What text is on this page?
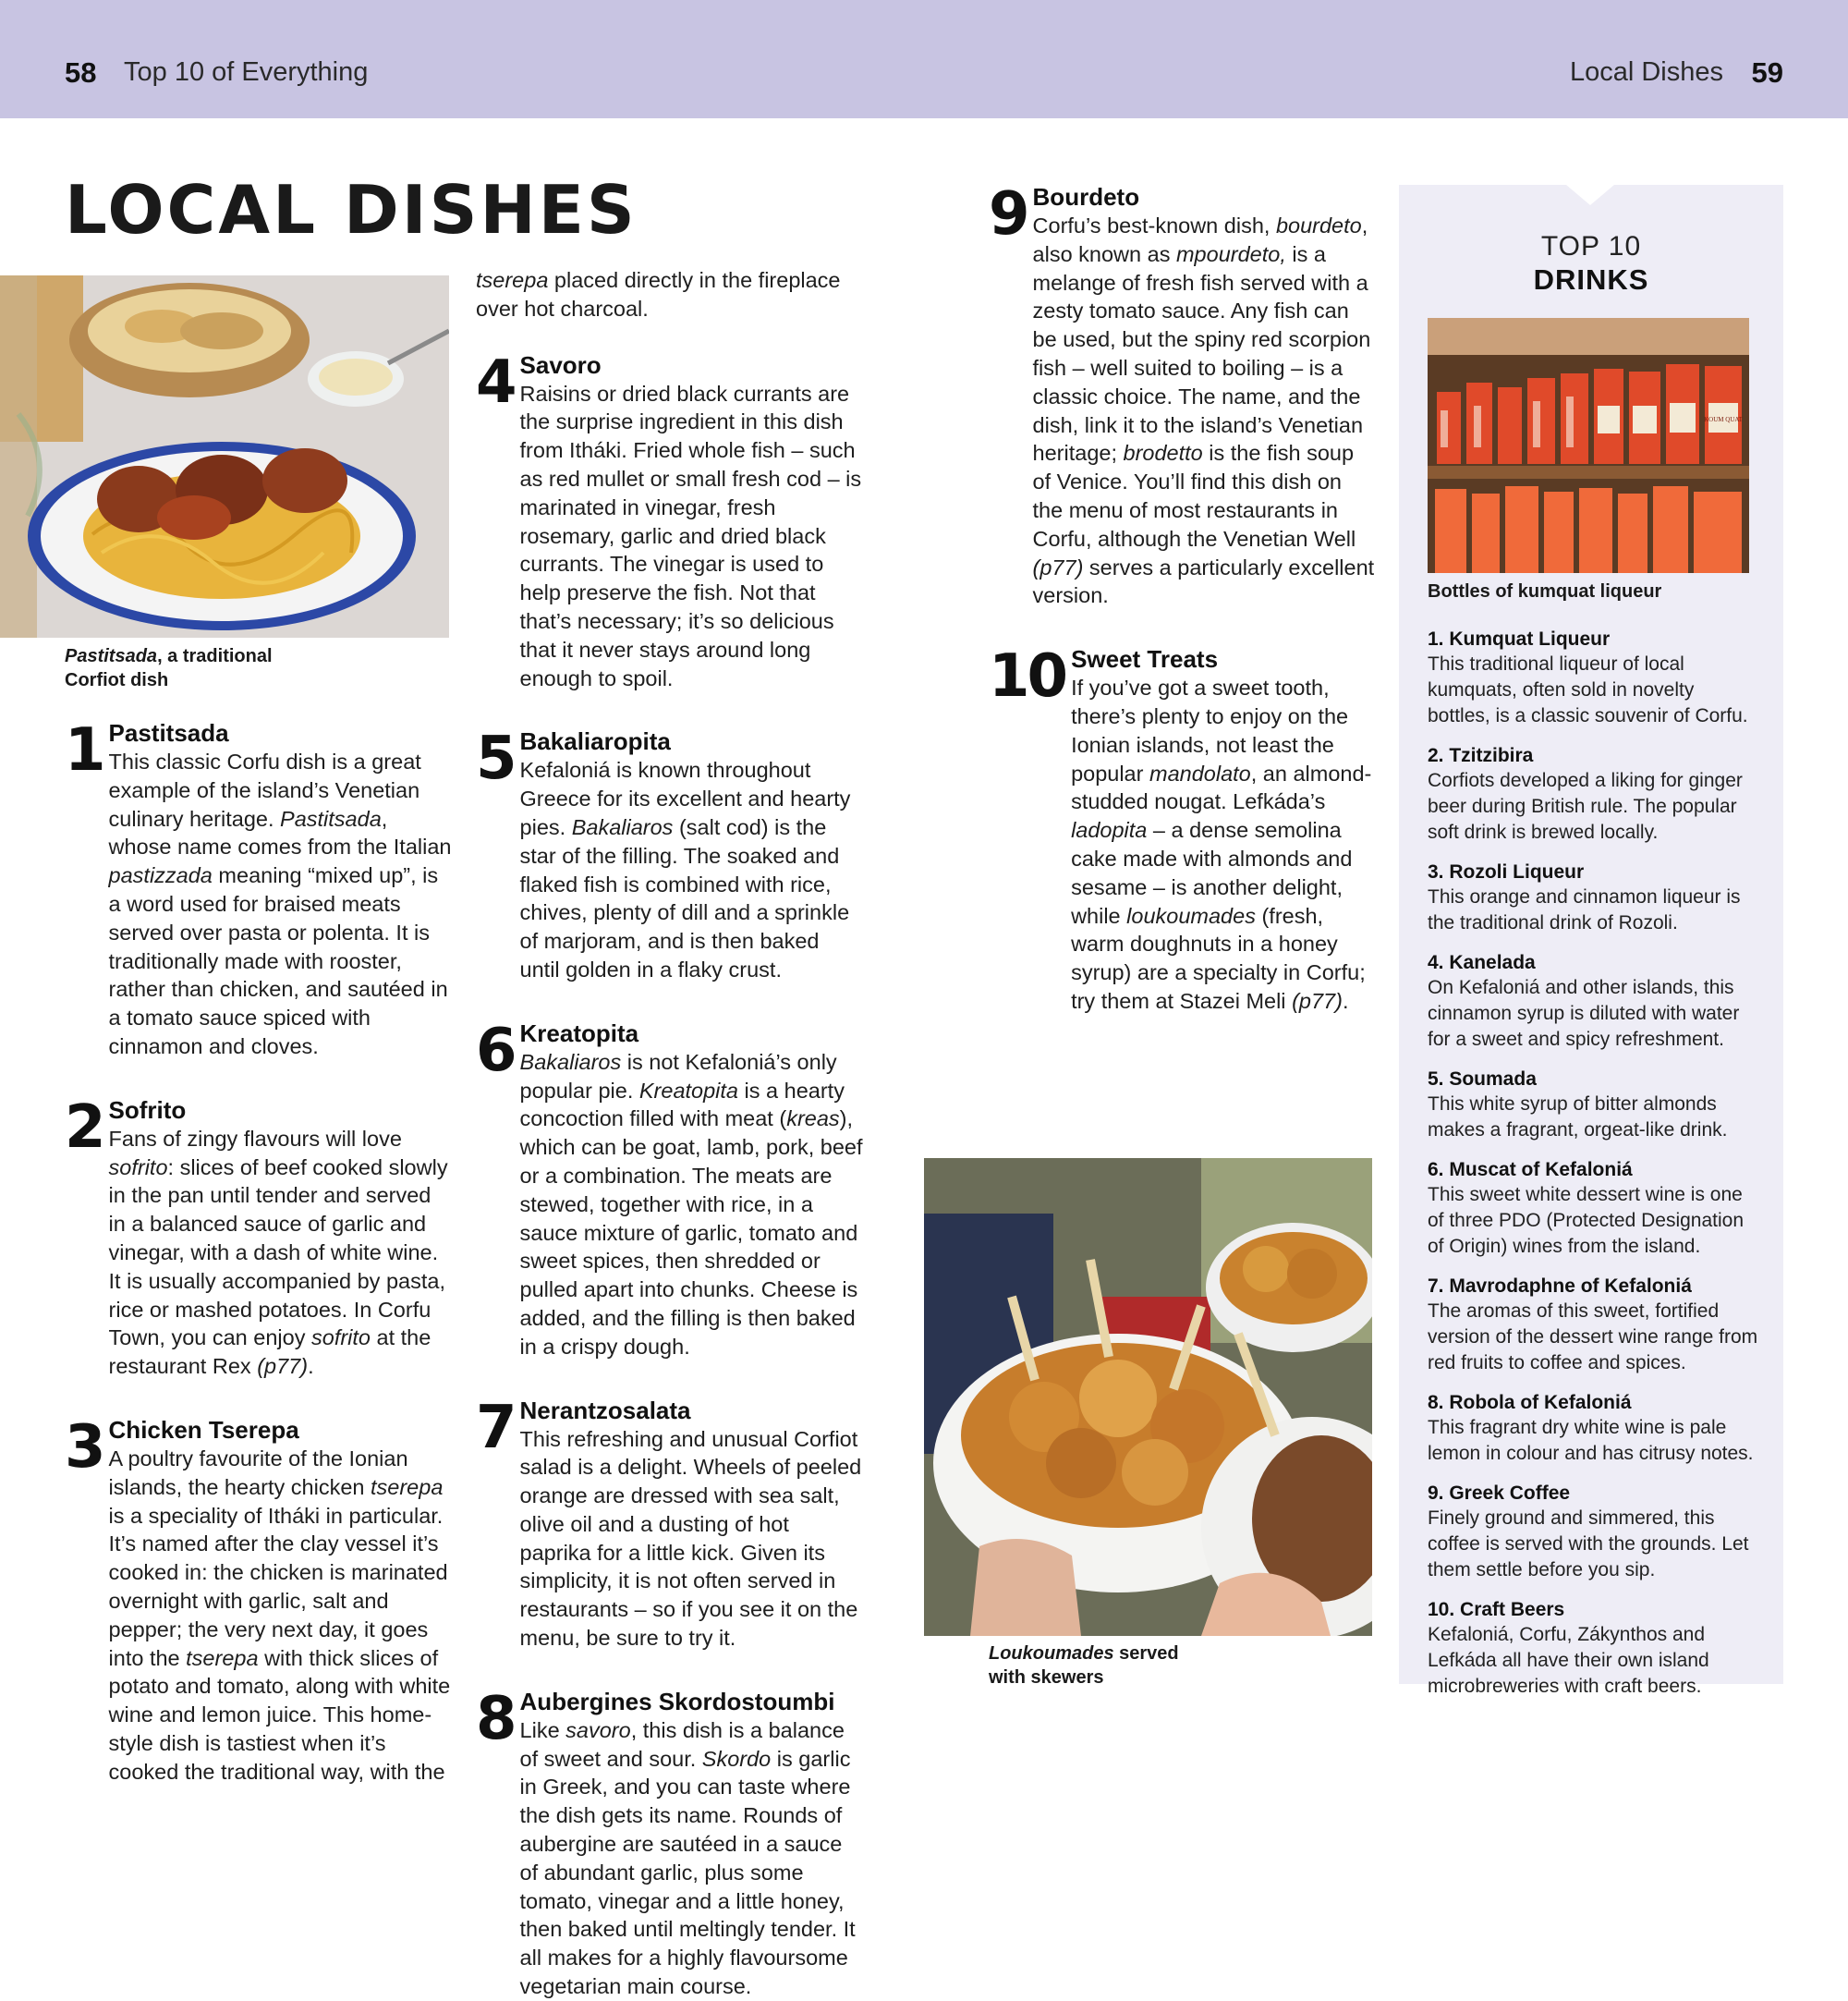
58 Top 10 of Everything	Local Dishes 59
LOCAL DISHES
Pastitsada, a traditional
Corfiot dish
1 Pastitsada

This classic Corfu dish is a great example of the island’s Venetian culinary heritage. Pastitsada, whose name comes from the Italian pastizzada meaning “mixed up”, is a word used for braised meats served over pasta or polenta. It is traditionally made with rooster, rather than chicken, and sautéed in a tomato sauce spiced with cinnamon and cloves.

2 Sofrito

Fans of zingy flavours will love sofrito: slices of beef cooked slowly in the pan until tender and served in a balanced sauce of garlic and vinegar, with a dash of white wine. It is usually accompanied by pasta, rice or mashed potatoes. In Corfu Town, you can enjoy sofrito at the restaurant Rex (p77).

3 Chicken Tserepa

A poultry favourite of the Ionian islands, the hearty chicken tserepa is a speciality of Itháki in particular. It’s named after the clay vessel it’s cooked in: the chicken is marinated overnight with garlic, salt and pepper; the very next day, it goes into the tserepa with thick slices of potato and tomato, along with white wine and lemon juice. This home-style dish is tastiest when it’s cooked the traditional way, with the

tserepa placed directly in the fireplace over hot charcoal.

4 Savoro

Raisins or dried black currants are the surprise ingredient in this dish from Itháki. Fried whole fish – such as red mullet or small fresh cod – is marinated in vinegar, fresh rosemary, garlic and dried black currants. The vinegar is used to help preserve the fish. Not that that’s necessary; it’s so delicious that it never stays around long enough to spoil.

5 Bakaliaropita

Kefaloniá is known throughout Greece for its excellent and hearty pies. Bakaliaros (salt cod) is the star of the filling. The soaked and flaked fish is combined with rice, chives, plenty of dill and a sprinkle of marjoram, and is then baked until golden in a flaky crust.

6 Kreatopita

Bakaliaros is not Kefaloniá’s only popular pie. Kreatopita is a hearty concoction filled with meat (kreas), which can be goat, lamb, pork, beef or a combination. The meats are stewed, together with rice, in a sauce mixture of garlic, tomato and sweet spices, then shredded or pulled apart into chunks. Cheese is added, and the filling is then baked in a crispy dough.

7 Nerantzosalata

This refreshing and unusual Corfiot salad is a delight. Wheels of peeled orange are dressed with sea salt, olive oil and a dusting of hot paprika for a little kick. Given its simplicity, it is not often served in restaurants – so if you see it on the menu, be sure to try it.

8 Aubergines Skordostoumbi

Like savoro, this dish is a balance of sweet and sour. Skordo is garlic in Greek, and you can taste where the dish gets its name. Rounds of aubergine are sautéed in a sauce of abundant garlic, plus some tomato, vinegar and a little honey, then baked until meltingly tender. It all makes for a highly flavoursome vegetarian main course.

9 Bourdeto

Corfu’s best-known dish, bourdeto, also known as mpourdeto, is a melange of fresh fish served with a zesty tomato sauce. Any fish can be used, but the spiny red scorpion fish – well suited to boiling – is a classic choice. The name, and the dish, link it to the island’s Venetian heritage; brodetto is the fish soup of Venice. You’ll find this dish on the menu of most restaurants in Corfu, although the Venetian Well (p77) serves a particularly excellent version.

10 Sweet Treats

If you’ve got a sweet tooth, there’s plenty to enjoy on the Ionian islands, not least the popular mandolato, an almond-studded nougat. Lefkáda’s ladopita – a dense semolina cake made with almonds and sesame – is another delight, while loukoumades (fresh, warm doughnuts in a honey syrup) are a specialty in Corfu; try them at Stazei Meli (p77).

Loukoumades served
with skewers
TOP 10
DRINKS
KOUM QUAT
Bottles of kumquat liqueur
1. Kumquat Liqueur
This traditional liqueur of local kumquats, often sold in novelty bottles, is a classic souvenir of Corfu.
2. Tzitzibira
Corfiots developed a liking for ginger beer during British rule. The popular soft drink is brewed locally.
3. Rozoli Liqueur
This orange and cinnamon liqueur is the traditional drink of Rozoli.
4. Kanelada
On Kefaloniá and other islands, this cinnamon syrup is diluted with water for a sweet and spicy refreshment.
5. Soumada
This white syrup of bitter almonds makes a fragrant, orgeat-like drink.
6. Muscat of Kefaloniá
This sweet white dessert wine is one of three PDO (Protected Designation of Origin) wines from the island.
7. Mavrodaphne of Kefaloniá
The aromas of this sweet, fortified version of the dessert wine range from red fruits to coffee and spices.
8. Robola of Kefaloniá
This fragrant dry white wine is pale lemon in colour and has citrusy notes.
9. Greek Coffee
Finely ground and simmered, this coffee is served with the grounds. Let them settle before you sip.
10. Craft Beers
Kefaloniá, Corfu, Zákynthos and Lefkáda all have their own island microbreweries with craft beers.
